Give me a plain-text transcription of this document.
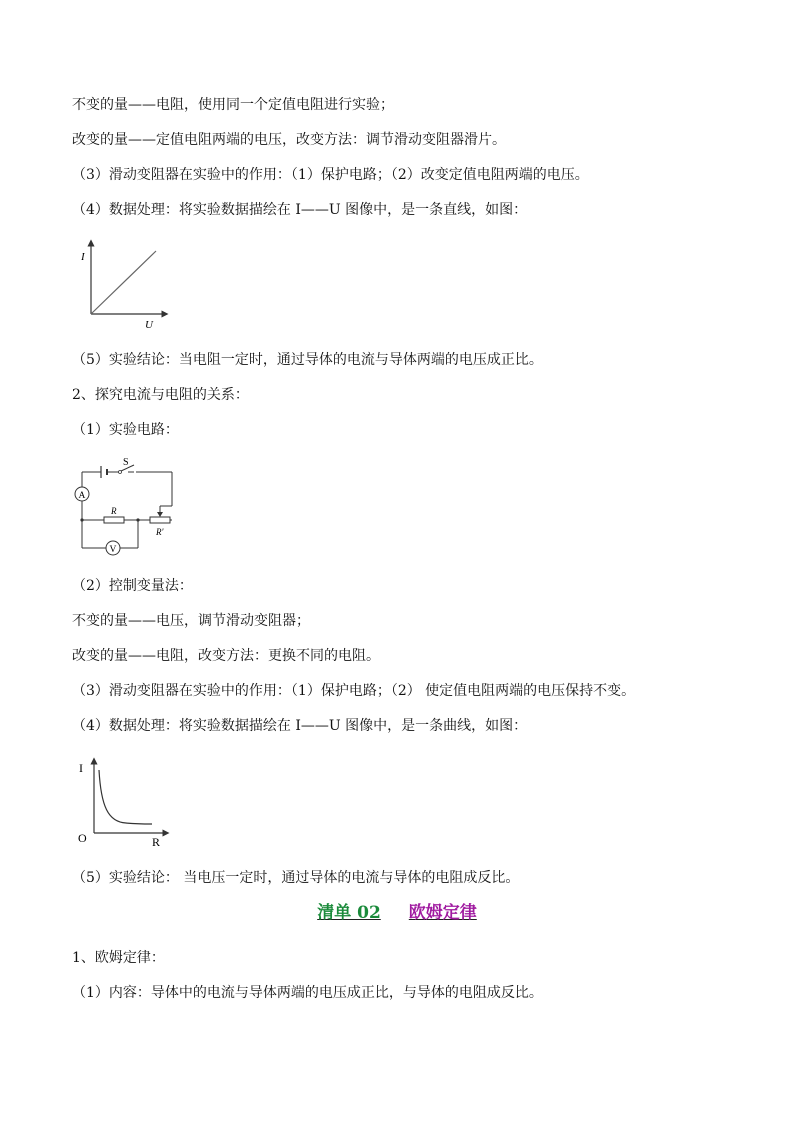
不变的量——电阻，使用同一个定值电阻进行实验；
改变的量——定值电阻两端的电压，改变方法：调节滑动变阻器滑片。
（3）滑动变阻器在实验中的作用：（1）保护电路；（2）改变定值电阻两端的电压。
（4）数据处理：将实验数据描绘在 I——U 图像中，是一条直线，如图：
I
U
（5）实验结论：当电阻一定时，通过导体的电流与导体两端的电压成正比。
2、探究电流与电阻的关系：
（1）实验电路：
S
A
R
R'
V
（2）控制变量法：
不变的量——电压，调节滑动变阻器；
改变的量——电阻，改变方法：更换不同的电阻。
（3）滑动变阻器在实验中的作用：（1）保护电路；（2） 使定值电阻两端的电压保持不变。
（4）数据处理：将实验数据描绘在 I——U 图像中，是一条曲线，如图：
I
O	R
（5）实验结论： 当电压一定时，通过导体的电流与导体的电阻成反比。
清单 02 欧姆定律
1、欧姆定律：
（1）内容：导体中的电流与导体两端的电压成正比，与导体的电阻成反比。
